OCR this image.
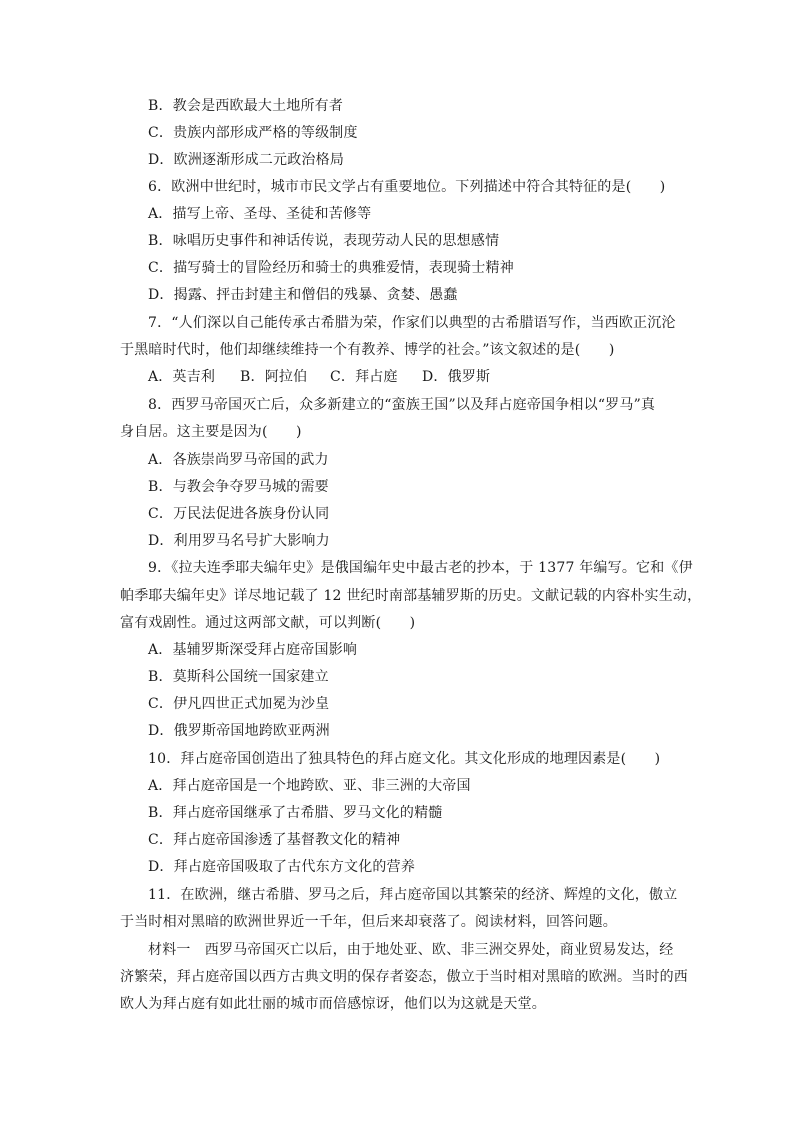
B．教会是西欧最大土地所有者
C．贵族内部形成严格的等级制度
D．欧洲逐渐形成二元政治格局
6．欧洲中世纪时，城市市民文学占有重要地位。下列描述中符合其特征的是(　　)
A．描写上帝、圣母、圣徒和苦修等
B．咏唱历史事件和神话传说，表现劳动人民的思想感情
C．描写骑士的冒险经历和骑士的典雅爱情，表现骑士精神
D．揭露、抨击封建主和僧侣的残暴、贪婪、愚蠢
7．“人们深以自己能传承古希腊为荣，作家们以典型的古希腊语写作，当西欧正沉沦
于黑暗时代时，他们却继续维持一个有教养、博学的社会。”该文叙述的是(　　)
A．英吉利 B．阿拉伯 C．拜占庭 D．俄罗斯
8．西罗马帝国灭亡后，众多新建立的“蛮族王国”以及拜占庭帝国争相以“罗马”真
身自居。这主要是因为(　　)
A．各族崇尚罗马帝国的武力
B．与教会争夺罗马城的需要
C．万民法促进各族身份认同
D．利用罗马名号扩大影响力
9．《拉夫连季耶夫编年史》是俄国编年史中最古老的抄本，于 1377 年编写。它和《伊
帕季耶夫编年史》详尽地记载了 12 世纪时南部基辅罗斯的历史。文献记载的内容朴实生动，
富有戏剧性。通过这两部文献，可以判断(　　)
A．基辅罗斯深受拜占庭帝国影响
B．莫斯科公国统一国家建立
C．伊凡四世正式加冕为沙皇
D．俄罗斯帝国地跨欧亚两洲
10．拜占庭帝国创造出了独具特色的拜占庭文化。其文化形成的地理因素是(　　)
A．拜占庭帝国是一个地跨欧、亚、非三洲的大帝国
B．拜占庭帝国继承了古希腊、罗马文化的精髓
C．拜占庭帝国渗透了基督教文化的精神
D．拜占庭帝国吸取了古代东方文化的营养
11．在欧洲，继古希腊、罗马之后，拜占庭帝国以其繁荣的经济、辉煌的文化，傲立
于当时相对黑暗的欧洲世界近一千年，但后来却衰落了。阅读材料，回答问题。
材料一　西罗马帝国灭亡以后，由于地处亚、欧、非三洲交界处，商业贸易发达，经
济繁荣，拜占庭帝国以西方古典文明的保存者姿态，傲立于当时相对黑暗的欧洲。当时的西
欧人为拜占庭有如此壮丽的城市而倍感惊讶，他们以为这就是天堂。
